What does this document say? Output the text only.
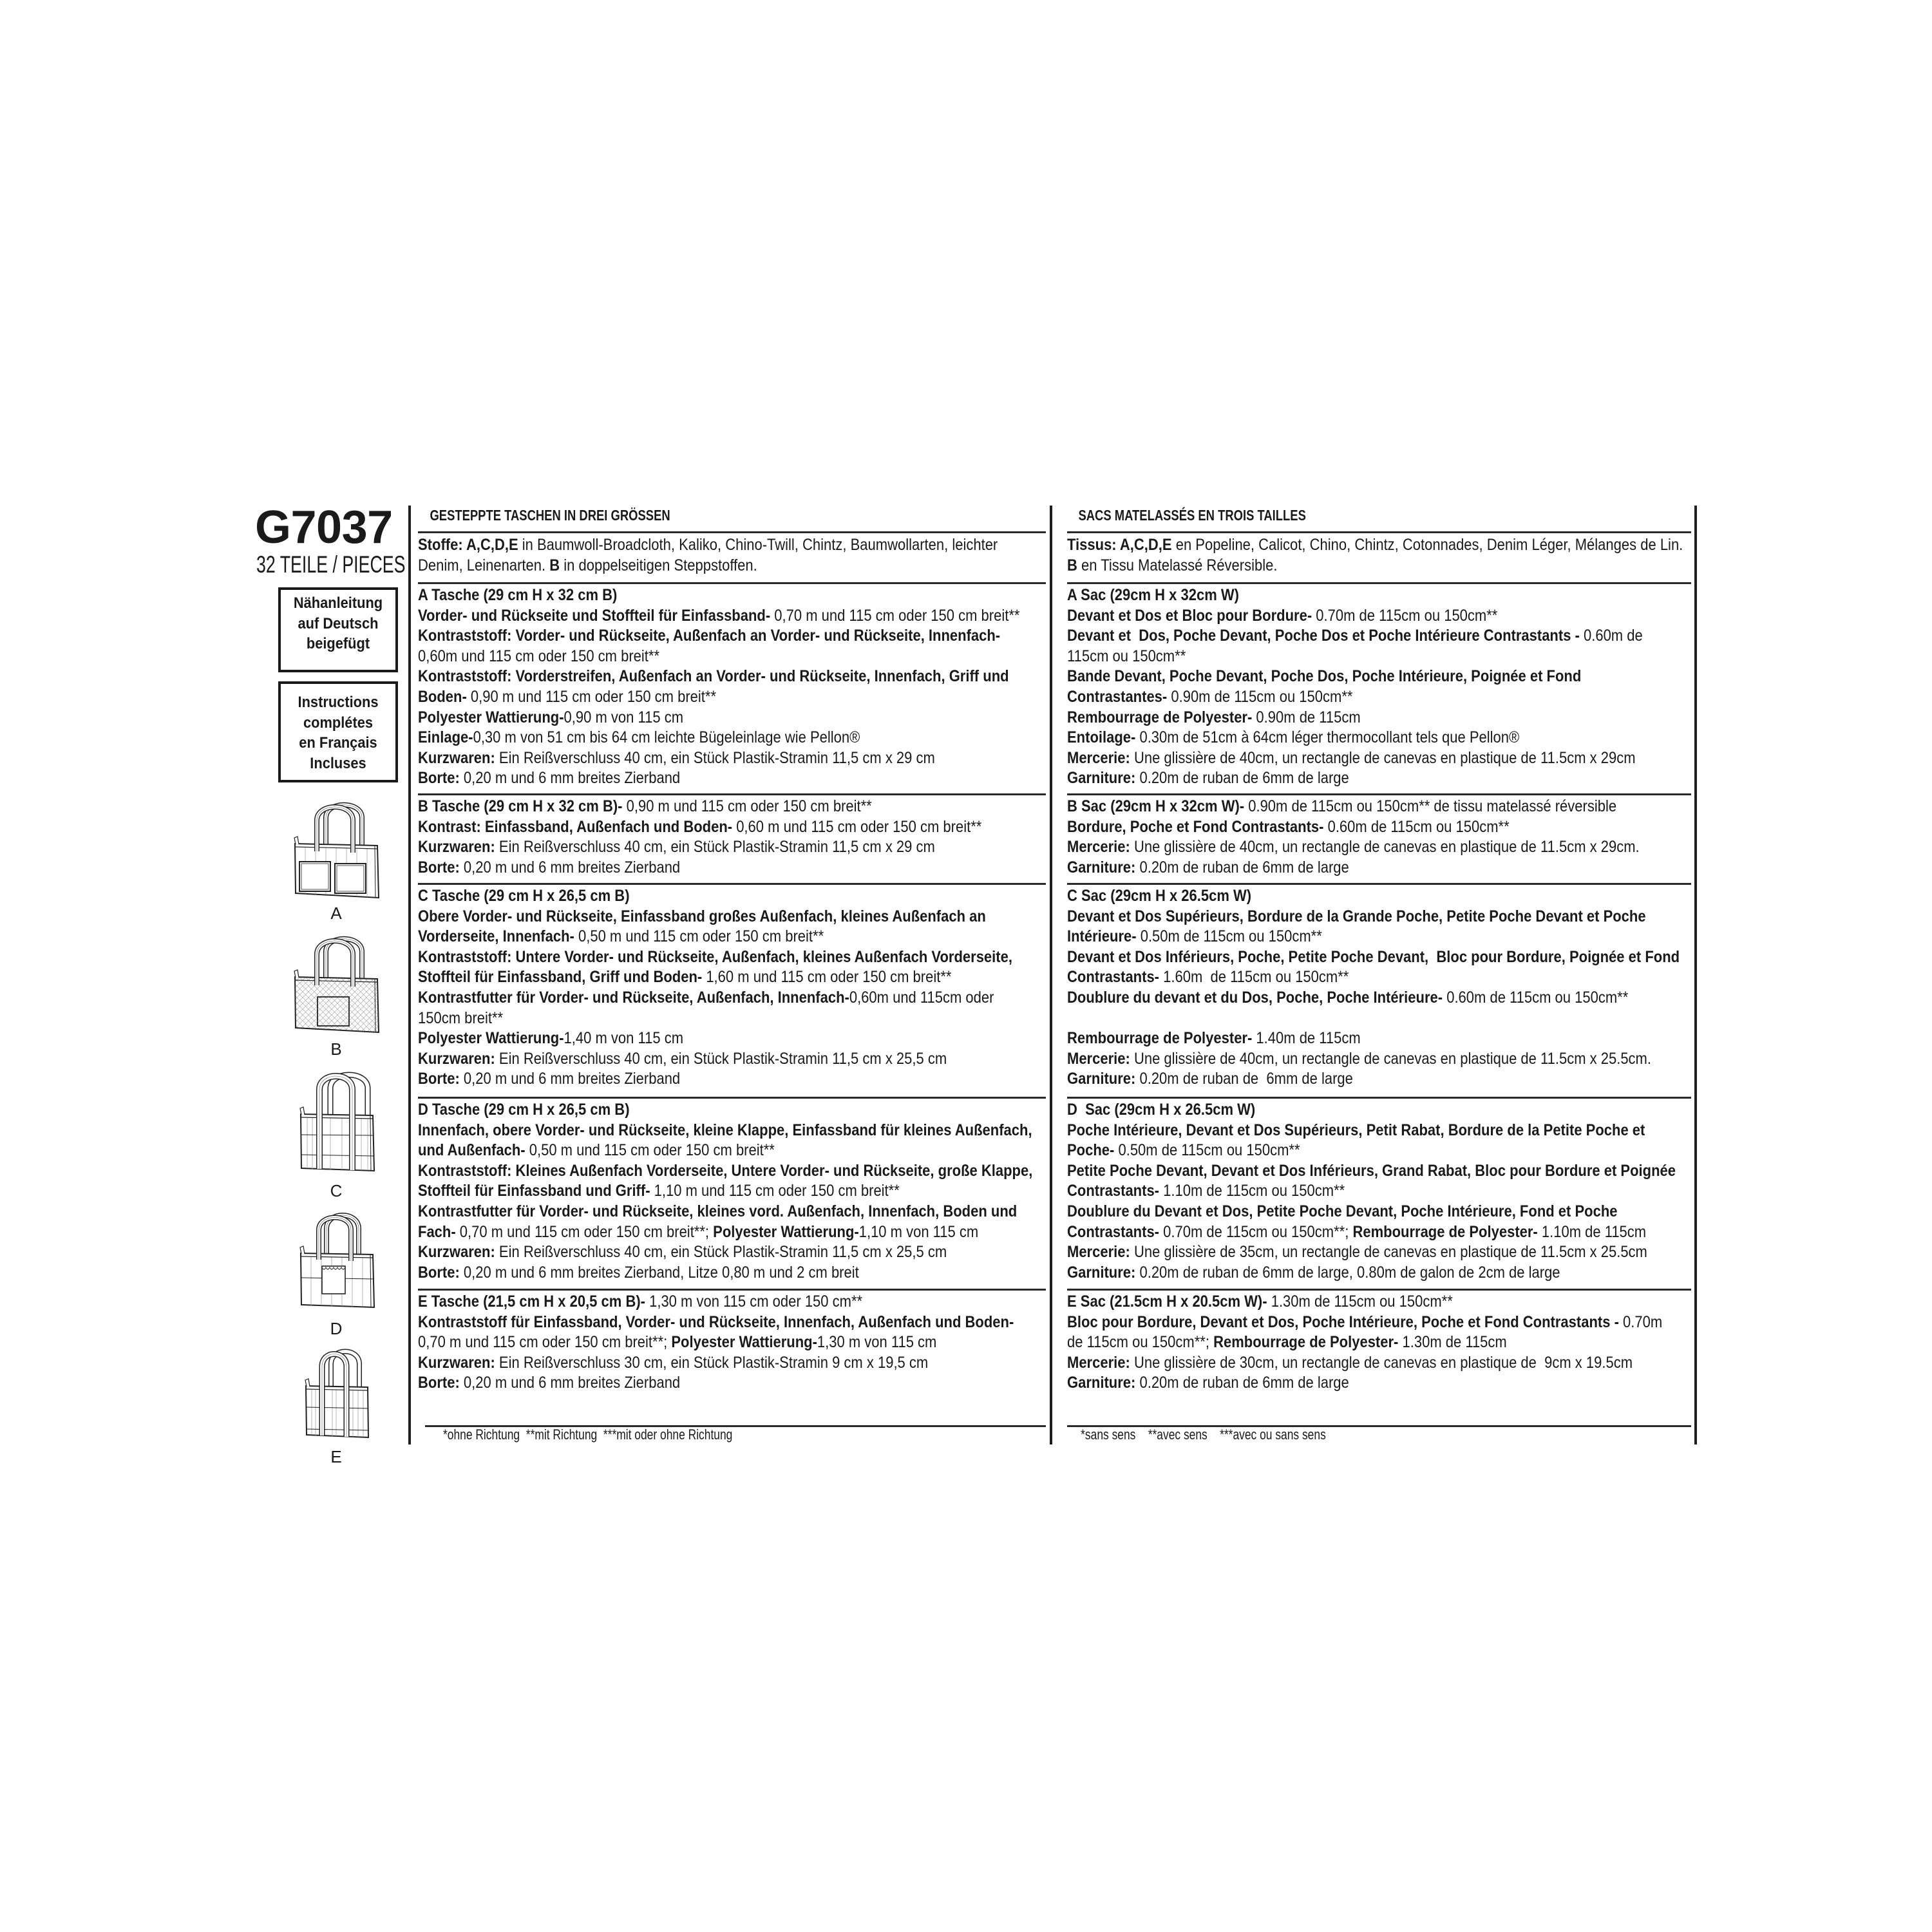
G7037
32 TEILE / PIECES
Nähanleitung
auf Deutsch
beigefügt
Instructions
complétes
en Français
Incluses
A
B
C
D
E
GESTEPPTE TASCHEN IN DREI GRÖSSEN
Stoffe: A,C,D,E in Baumwoll-Broadcloth, Kaliko, Chino-Twill, Chintz, Baumwollarten, leichter
Denim, Leinenarten. B in doppelseitigen Steppstoffen.
A Tasche (29 cm H x 32 cm B)
Vorder- und Rückseite und Stoffteil für Einfassband- 0,70 m und 115 cm oder 150 cm breit**
Kontraststoff: Vorder- und Rückseite, Außenfach an Vorder- und Rückseite, Innenfach-
0,60m und 115 cm oder 150 cm breit**
Kontraststoff: Vorderstreifen, Außenfach an Vorder- und Rückseite, Innenfach, Griff und
Boden- 0,90 m und 115 cm oder 150 cm breit**
Polyester Wattierung-0,90 m von 115 cm
Einlage-0,30 m von 51 cm bis 64 cm leichte Bügeleinlage wie Pellon®
Kurzwaren: Ein Reißverschluss 40 cm, ein Stück Plastik-Stramin 11,5 cm x 29 cm
Borte: 0,20 m und 6 mm breites Zierband
B Tasche (29 cm H x 32 cm B)- 0,90 m und 115 cm oder 150 cm breit**
Kontrast: Einfassband, Außenfach und Boden- 0,60 m und 115 cm oder 150 cm breit**
Kurzwaren: Ein Reißverschluss 40 cm, ein Stück Plastik-Stramin 11,5 cm x 29 cm
Borte: 0,20 m und 6 mm breites Zierband
C Tasche (29 cm H x 26,5 cm B)
Obere Vorder- und Rückseite, Einfassband großes Außenfach, kleines Außenfach an
Vorderseite, Innenfach- 0,50 m und 115 cm oder 150 cm breit**
Kontraststoff: Untere Vorder- und Rückseite, Außenfach, kleines Außenfach Vorderseite,
Stoffteil für Einfassband, Griff und Boden- 1,60 m und 115 cm oder 150 cm breit**
Kontrastfutter für Vorder- und Rückseite, Außenfach, Innenfach-0,60m und 115cm oder
150cm breit**
Polyester Wattierung-1,40 m von 115 cm
Kurzwaren: Ein Reißverschluss 40 cm, ein Stück Plastik-Stramin 11,5 cm x 25,5 cm
Borte: 0,20 m und 6 mm breites Zierband
D Tasche (29 cm H x 26,5 cm B)
Innenfach, obere Vorder- und Rückseite, kleine Klappe, Einfassband für kleines Außenfach,
und Außenfach- 0,50 m und 115 cm oder 150 cm breit**
Kontraststoff: Kleines Außenfach Vorderseite, Untere Vorder- und Rückseite, große Klappe,
Stoffteil für Einfassband und Griff- 1,10 m und 115 cm oder 150 cm breit**
Kontrastfutter für Vorder- und Rückseite, kleines vord. Außenfach, Innenfach, Boden und
Fach- 0,70 m und 115 cm oder 150 cm breit**; Polyester Wattierung-1,10 m von 115 cm
Kurzwaren: Ein Reißverschluss 40 cm, ein Stück Plastik-Stramin 11,5 cm x 25,5 cm
Borte: 0,20 m und 6 mm breites Zierband, Litze 0,80 m und 2 cm breit
E Tasche (21,5 cm H x 20,5 cm B)- 1,30 m von 115 cm oder 150 cm**
Kontraststoff für Einfassband, Vorder- und Rückseite, Innenfach, Außenfach und Boden-
0,70 m und 115 cm oder 150 cm breit**; Polyester Wattierung-1,30 m von 115 cm
Kurzwaren: Ein Reißverschluss 30 cm, ein Stück Plastik-Stramin 9 cm x 19,5 cm
Borte: 0,20 m und 6 mm breites Zierband
*ohne Richtung  **mit Richtung  ***mit oder ohne Richtung
SACS MATELASSÉS EN TROIS TAILLES
Tissus: A,C,D,E en Popeline, Calicot, Chino, Chintz, Cotonnades, Denim Léger, Mélanges de Lin.
B en Tissu Matelassé Réversible.
A Sac (29cm H x 32cm W)
Devant et Dos et Bloc pour Bordure- 0.70m de 115cm ou 150cm**
Devant et  Dos, Poche Devant, Poche Dos et Poche Intérieure Contrastants - 0.60m de
115cm ou 150cm**
Bande Devant, Poche Devant, Poche Dos, Poche Intérieure, Poignée et Fond
Contrastantes- 0.90m de 115cm ou 150cm**
Rembourrage de Polyester- 0.90m de 115cm
Entoilage- 0.30m de 51cm à 64cm léger thermocollant tels que Pellon®
Mercerie: Une glissière de 40cm, un rectangle de canevas en plastique de 11.5cm x 29cm
Garniture: 0.20m de ruban de 6mm de large
B Sac (29cm H x 32cm W)- 0.90m de 115cm ou 150cm** de tissu matelassé réversible
Bordure, Poche et Fond Contrastants- 0.60m de 115cm ou 150cm**
Mercerie: Une glissière de 40cm, un rectangle de canevas en plastique de 11.5cm x 29cm.
Garniture: 0.20m de ruban de 6mm de large
C Sac (29cm H x 26.5cm W)
Devant et Dos Supérieurs, Bordure de la Grande Poche, Petite Poche Devant et Poche
Intérieure- 0.50m de 115cm ou 150cm**
Devant et Dos Inférieurs, Poche, Petite Poche Devant,  Bloc pour Bordure, Poignée et Fond
Contrastants- 1.60m  de 115cm ou 150cm**
Doublure du devant et du Dos, Poche, Poche Intérieure- 0.60m de 115cm ou 150cm**
Rembourrage de Polyester- 1.40m de 115cm
Mercerie: Une glissière de 40cm, un rectangle de canevas en plastique de 11.5cm x 25.5cm.
Garniture: 0.20m de ruban de  6mm de large
D  Sac (29cm H x 26.5cm W)
Poche Intérieure, Devant et Dos Supérieurs, Petit Rabat, Bordure de la Petite Poche et
Poche- 0.50m de 115cm ou 150cm**
Petite Poche Devant, Devant et Dos Inférieurs, Grand Rabat, Bloc pour Bordure et Poignée
Contrastants- 1.10m de 115cm ou 150cm**
Doublure du Devant et Dos, Petite Poche Devant, Poche Intérieure, Fond et Poche
Contrastants- 0.70m de 115cm ou 150cm**; Rembourrage de Polyester- 1.10m de 115cm
Mercerie: Une glissière de 35cm, un rectangle de canevas en plastique de 11.5cm x 25.5cm
Garniture: 0.20m de ruban de 6mm de large, 0.80m de galon de 2cm de large
E Sac (21.5cm H x 20.5cm W)- 1.30m de 115cm ou 150cm**
Bloc pour Bordure, Devant et Dos, Poche Intérieure, Poche et Fond Contrastants - 0.70m
de 115cm ou 150cm**; Rembourrage de Polyester- 1.30m de 115cm
Mercerie: Une glissière de 30cm, un rectangle de canevas en plastique de  9cm x 19.5cm
Garniture: 0.20m de ruban de 6mm de large
*sans sens    **avec sens    ***avec ou sans sens
